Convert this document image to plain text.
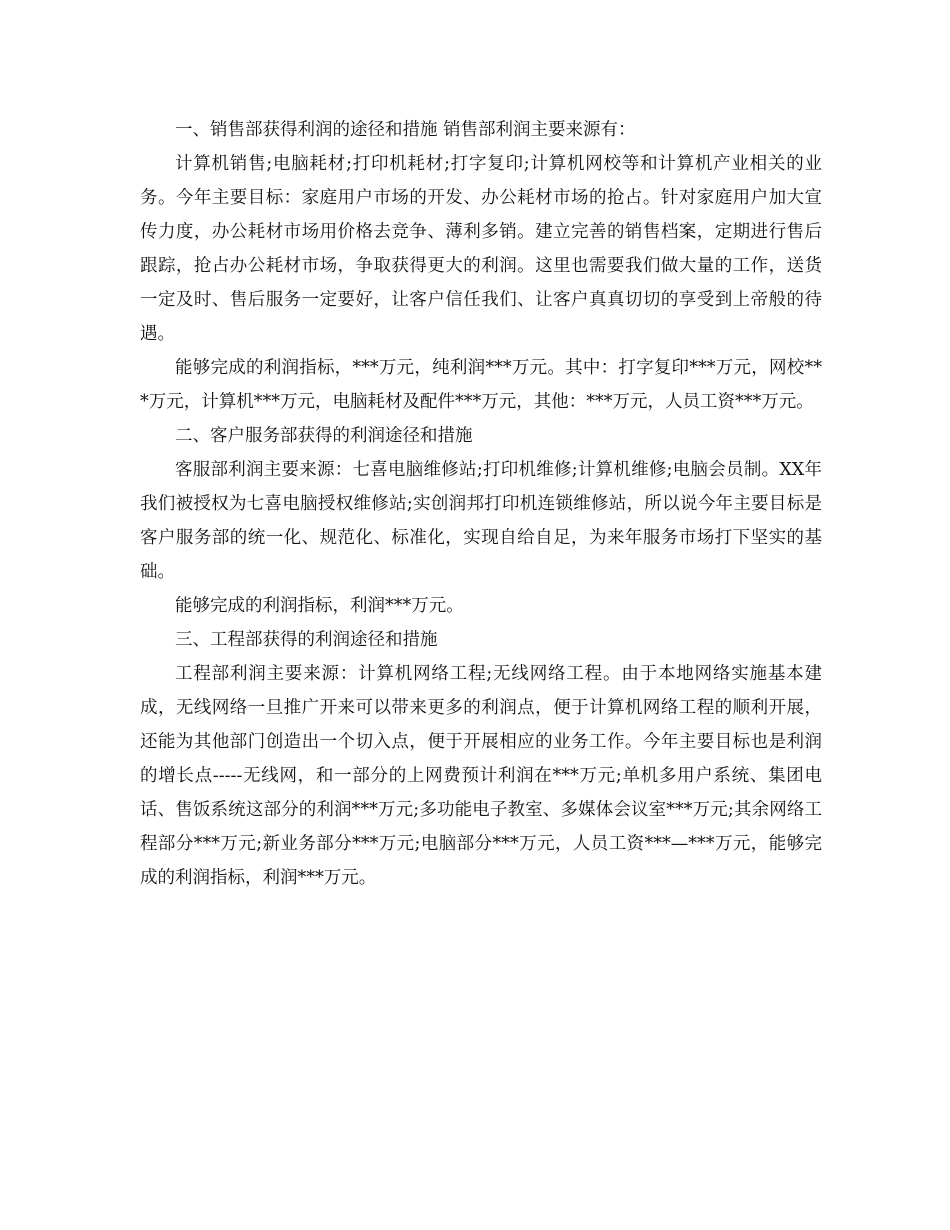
一、销售部获得利润的途径和措施 销售部利润主要来源有：

计算机销售;电脑耗材;打印机耗材;打字复印;计算机网校等和计算机产业相关的业务。今年主要目标：家庭用户市场的开发、办公耗材市场的抢占。针对家庭用户加大宣传力度，办公耗材市场用价格去竞争、薄利多销。建立完善的销售档案，定期进行售后跟踪，抢占办公耗材市场，争取获得更大的利润。这里也需要我们做大量的工作，送货一定及时、售后服务一定要好，让客户信任我们、让客户真真切切的享受到上帝般的待遇。

能够完成的利润指标，***万元，纯利润***万元。其中：打字复印***万元，网校***万元，计算机***万元，电脑耗材及配件***万元，其他：***万元，人员工资***万元。

二、客户服务部获得的利润途径和措施

客服部利润主要来源：七喜电脑维修站;打印机维修;计算机维修;电脑会员制。XX年我们被授权为七喜电脑授权维修站;实创润邦打印机连锁维修站，所以说今年主要目标是客户服务部的统一化、规范化、标准化，实现自给自足，为来年服务市场打下坚实的基础。

能够完成的利润指标，利润***万元。

三、工程部获得的利润途径和措施

工程部利润主要来源：计算机网络工程;无线网络工程。由于本地网络实施基本建成，无线网络一旦推广开来可以带来更多的利润点，便于计算机网络工程的顺利开展，还能为其他部门创造出一个切入点，便于开展相应的业务工作。今年主要目标也是利润的增长点-----无线网，和一部分的上网费预计利润在***万元;单机多用户系统、集团电话、售饭系统这部分的利润***万元;多功能电子教室、多媒体会议室***万元;其余网络工程部分***万元;新业务部分***万元;电脑部分***万元，人员工资***—***万元，能够完成的利润指标，利润***万元。
